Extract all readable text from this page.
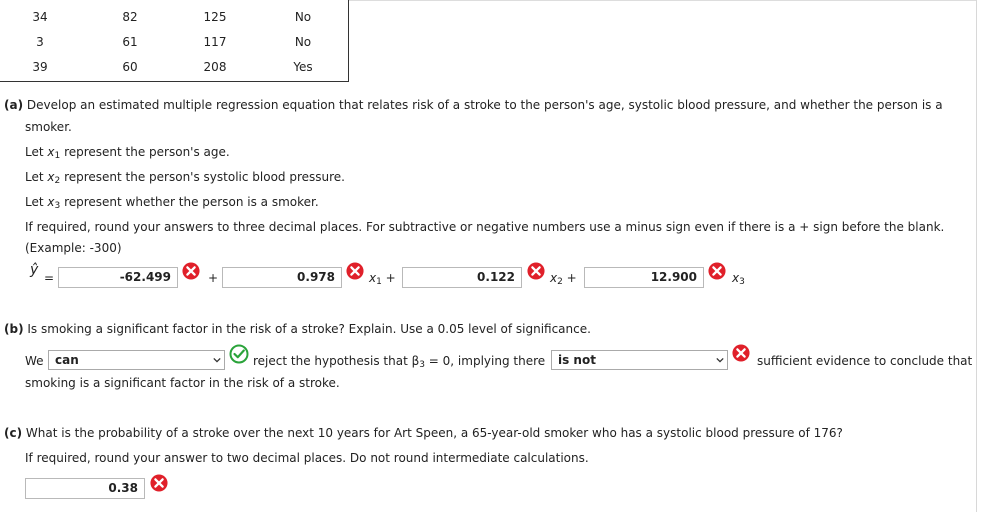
34	82	125	No
3	61	117	No
39	60	208	Yes
(a) Develop an estimated multiple regression equation that relates risk of a stroke to the person's age, systolic blood pressure, and whether the person is a
smoker.
Let $x_1$ represent the person's age.
Let $x_2$ represent the person's systolic blood pressure.
Let $x_3$ represent whether the person is a smoker.
If required, round your answers to three decimal places. For subtractive or negative numbers use a minus sign even if there is a + sign before the blank.
(Example: -300)
ŷ =	-62.499	+	0.978	$x_1$ +	0.122	$x_2$ +	12.900	$x_3$
(b) Is smoking a significant factor in the risk of a stroke? Explain. Use a 0.05 level of significance.
We can	reject the hypothesis that $\beta_3 = 0$, implying there	is not	sufficient evidence to conclude that
smoking is a significant factor in the risk of a stroke.
(c) What is the probability of a stroke over the next 10 years for Art Speen, a 65-year-old smoker who has a systolic blood pressure of 176?
If required, round your answer to two decimal places. Do not round intermediate calculations.
0.38
